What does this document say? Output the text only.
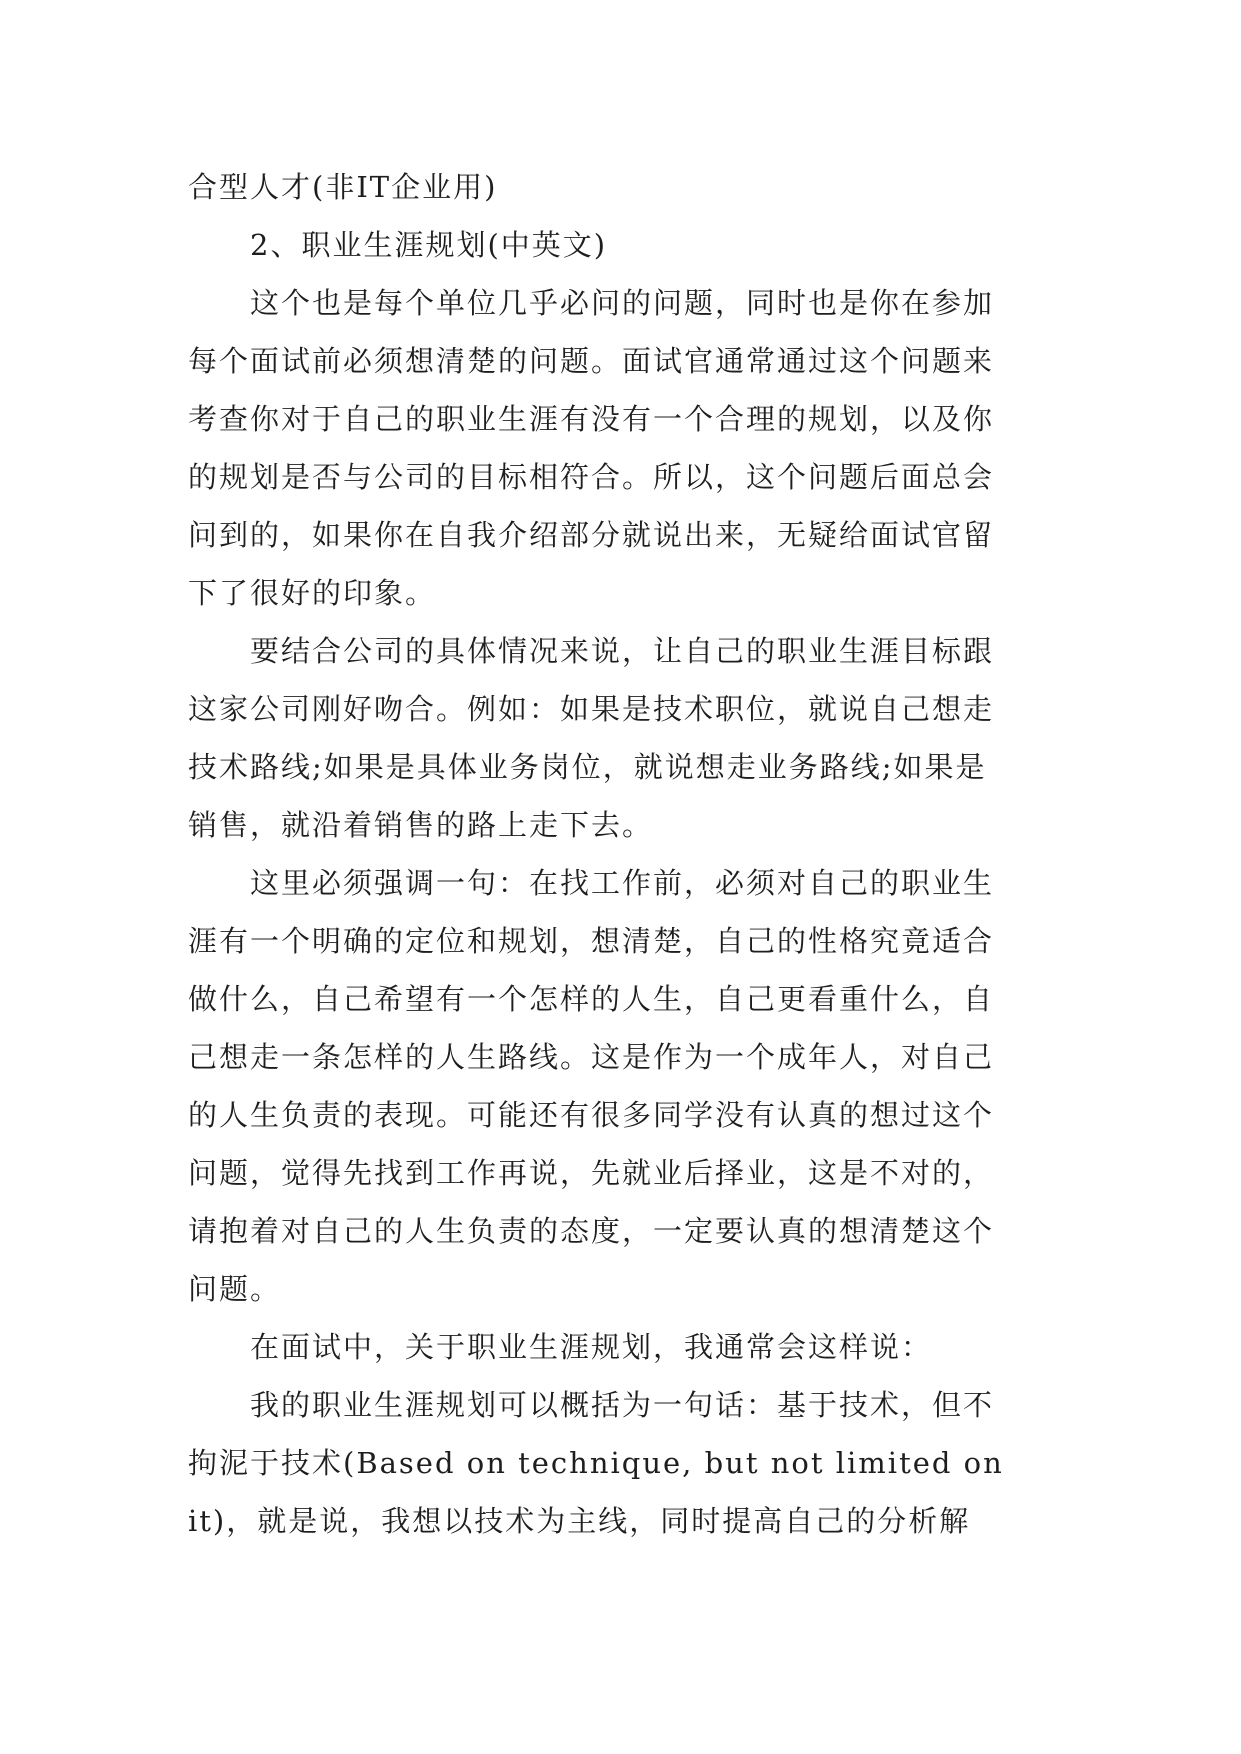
合型人才(非IT企业用)

2、职业生涯规划(中英文)

这个也是每个单位几乎必问的问题，同时也是你在参加
每个面试前必须想清楚的问题。面试官通常通过这个问题来
考查你对于自己的职业生涯有没有一个合理的规划，以及你
的规划是否与公司的目标相符合。所以，这个问题后面总会
问到的，如果你在自我介绍部分就说出来，无疑给面试官留
下了很好的印象。

要结合公司的具体情况来说，让自己的职业生涯目标跟
这家公司刚好吻合。例如：如果是技术职位，就说自己想走
技术路线;如果是具体业务岗位，就说想走业务路线;如果是
销售，就沿着销售的路上走下去。

这里必须强调一句：在找工作前，必须对自己的职业生
涯有一个明确的定位和规划，想清楚，自己的性格究竟适合
做什么，自己希望有一个怎样的人生，自己更看重什么，自
己想走一条怎样的人生路线。这是作为一个成年人，对自己
的人生负责的表现。可能还有很多同学没有认真的想过这个
问题，觉得先找到工作再说，先就业后择业，这是不对的，
请抱着对自己的人生负责的态度，一定要认真的想清楚这个
问题。

在面试中，关于职业生涯规划，我通常会这样说：

我的职业生涯规划可以概括为一句话：基于技术，但不
拘泥于技术(Based on technique, but not limited on
it)，就是说，我想以技术为主线，同时提高自己的分析解
